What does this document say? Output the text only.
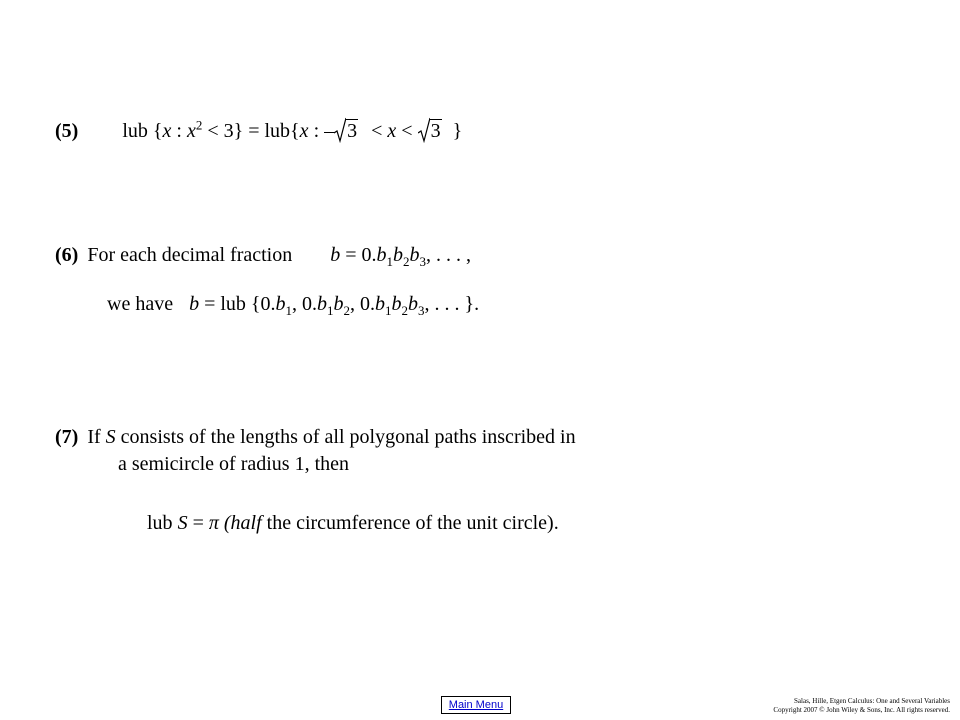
(5) lub {x : $x^2 < 3\} = lub\{x$ : – 3 < x < 3 }
(6) For each decimal fraction $b = 0.b_1b_2b_3$, . . . ,
we have b = lub {$0.b_1$, $0.b_1b_2$, $0.b_1b_2b_3$, . . . }.
(7) If S consists of the lengths of all polygonal paths inscribed in
a semicircle of radius 1, then
lub S = π (half the circumference of the unit circle).
Main Menu	Salas, Hille, Etgen Calculus: One and Several Variables
Copyright 2007 © John Wiley & Sons, Inc. All rights reserved.
